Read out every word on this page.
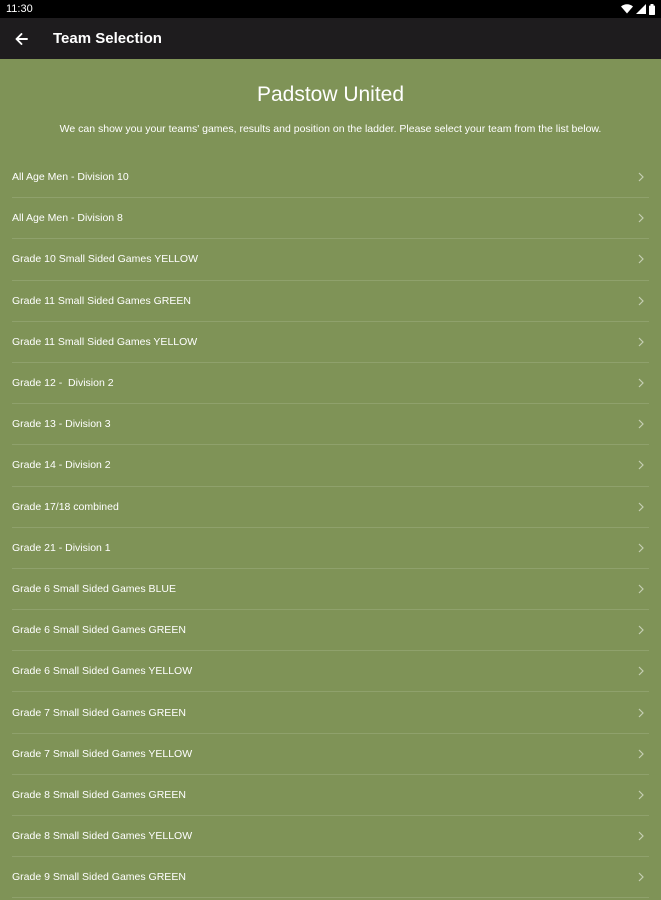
11:30
Team Selection
Padstow United
We can show you your teams' games, results and position on the ladder. Please select your team from the list below.
All Age Men - Division 10
All Age Men - Division 8
Grade 10 Small Sided Games YELLOW
Grade 11 Small Sided Games GREEN
Grade 11 Small Sided Games YELLOW
Grade 12 -  Division 2
Grade 13 - Division 3
Grade 14 - Division 2
Grade 17/18 combined
Grade 21 - Division 1
Grade 6 Small Sided Games BLUE
Grade 6 Small Sided Games GREEN
Grade 6 Small Sided Games YELLOW
Grade 7 Small Sided Games GREEN
Grade 7 Small Sided Games YELLOW
Grade 8 Small Sided Games GREEN
Grade 8 Small Sided Games YELLOW
Grade 9 Small Sided Games GREEN
